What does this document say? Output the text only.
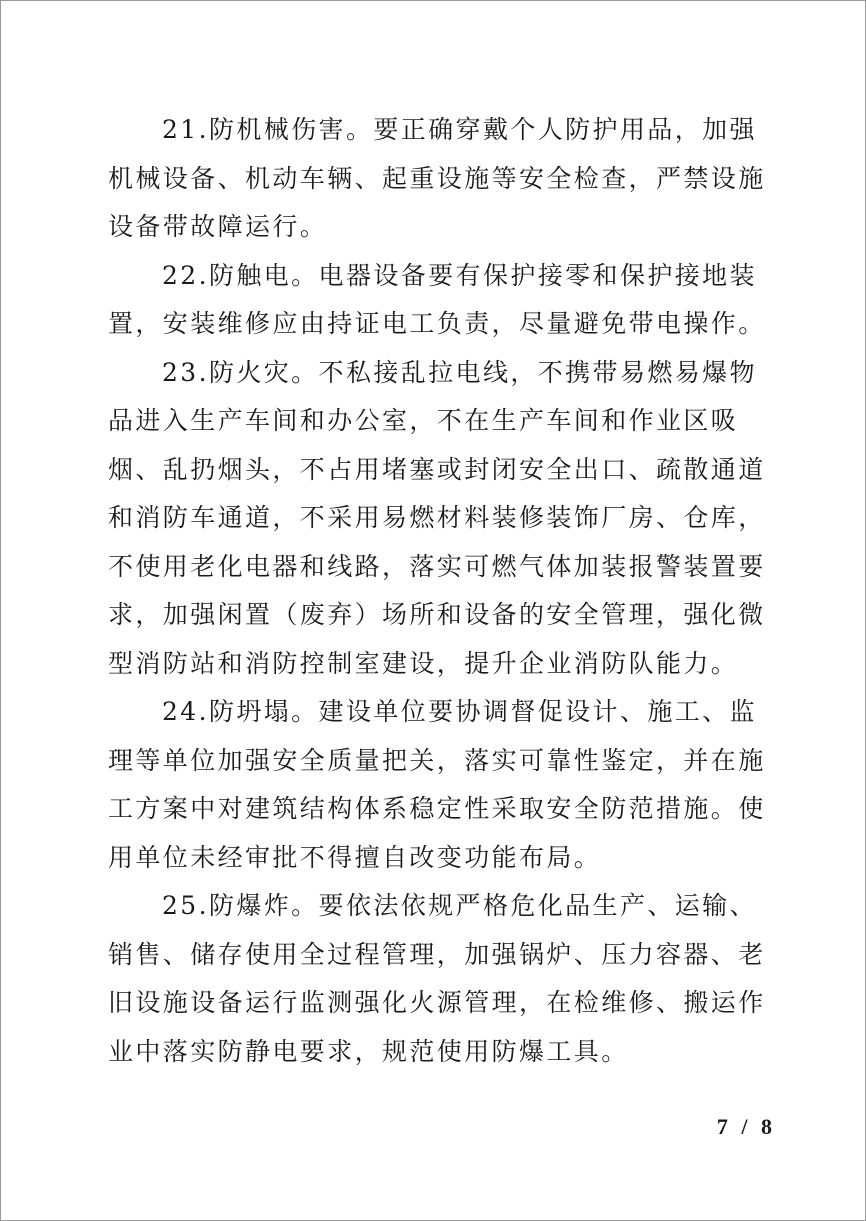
21.防机械伤害。要正确穿戴个人防护用品，加强机械设备、机动车辆、起重设施等安全检查，严禁设施设备带故障运行。

22.防触电。电器设备要有保护接零和保护接地装置，安装维修应由持证电工负责，尽量避免带电操作。

23.防火灾。不私接乱拉电线，不携带易燃易爆物品进入生产车间和办公室，不在生产车间和作业区吸烟、乱扔烟头，不占用堵塞或封闭安全出口、疏散通道和消防车通道，不采用易燃材料装修装饰厂房、仓库，不使用老化电器和线路，落实可燃气体加装报警装置要求，加强闲置（废弃）场所和设备的安全管理，强化微型消防站和消防控制室建设，提升企业消防队能力。

24.防坍塌。建设单位要协调督促设计、施工、监理等单位加强安全质量把关，落实可靠性鉴定，并在施工方案中对建筑结构体系稳定性采取安全防范措施。使用单位未经审批不得擅自改变功能布局。

25.防爆炸。要依法依规严格危化品生产、运输、销售、储存使用全过程管理，加强锅炉、压力容器、老旧设施设备运行监测强化火源管理，在检维修、搬运作业中落实防静电要求，规范使用防爆工具。

7 / 8
